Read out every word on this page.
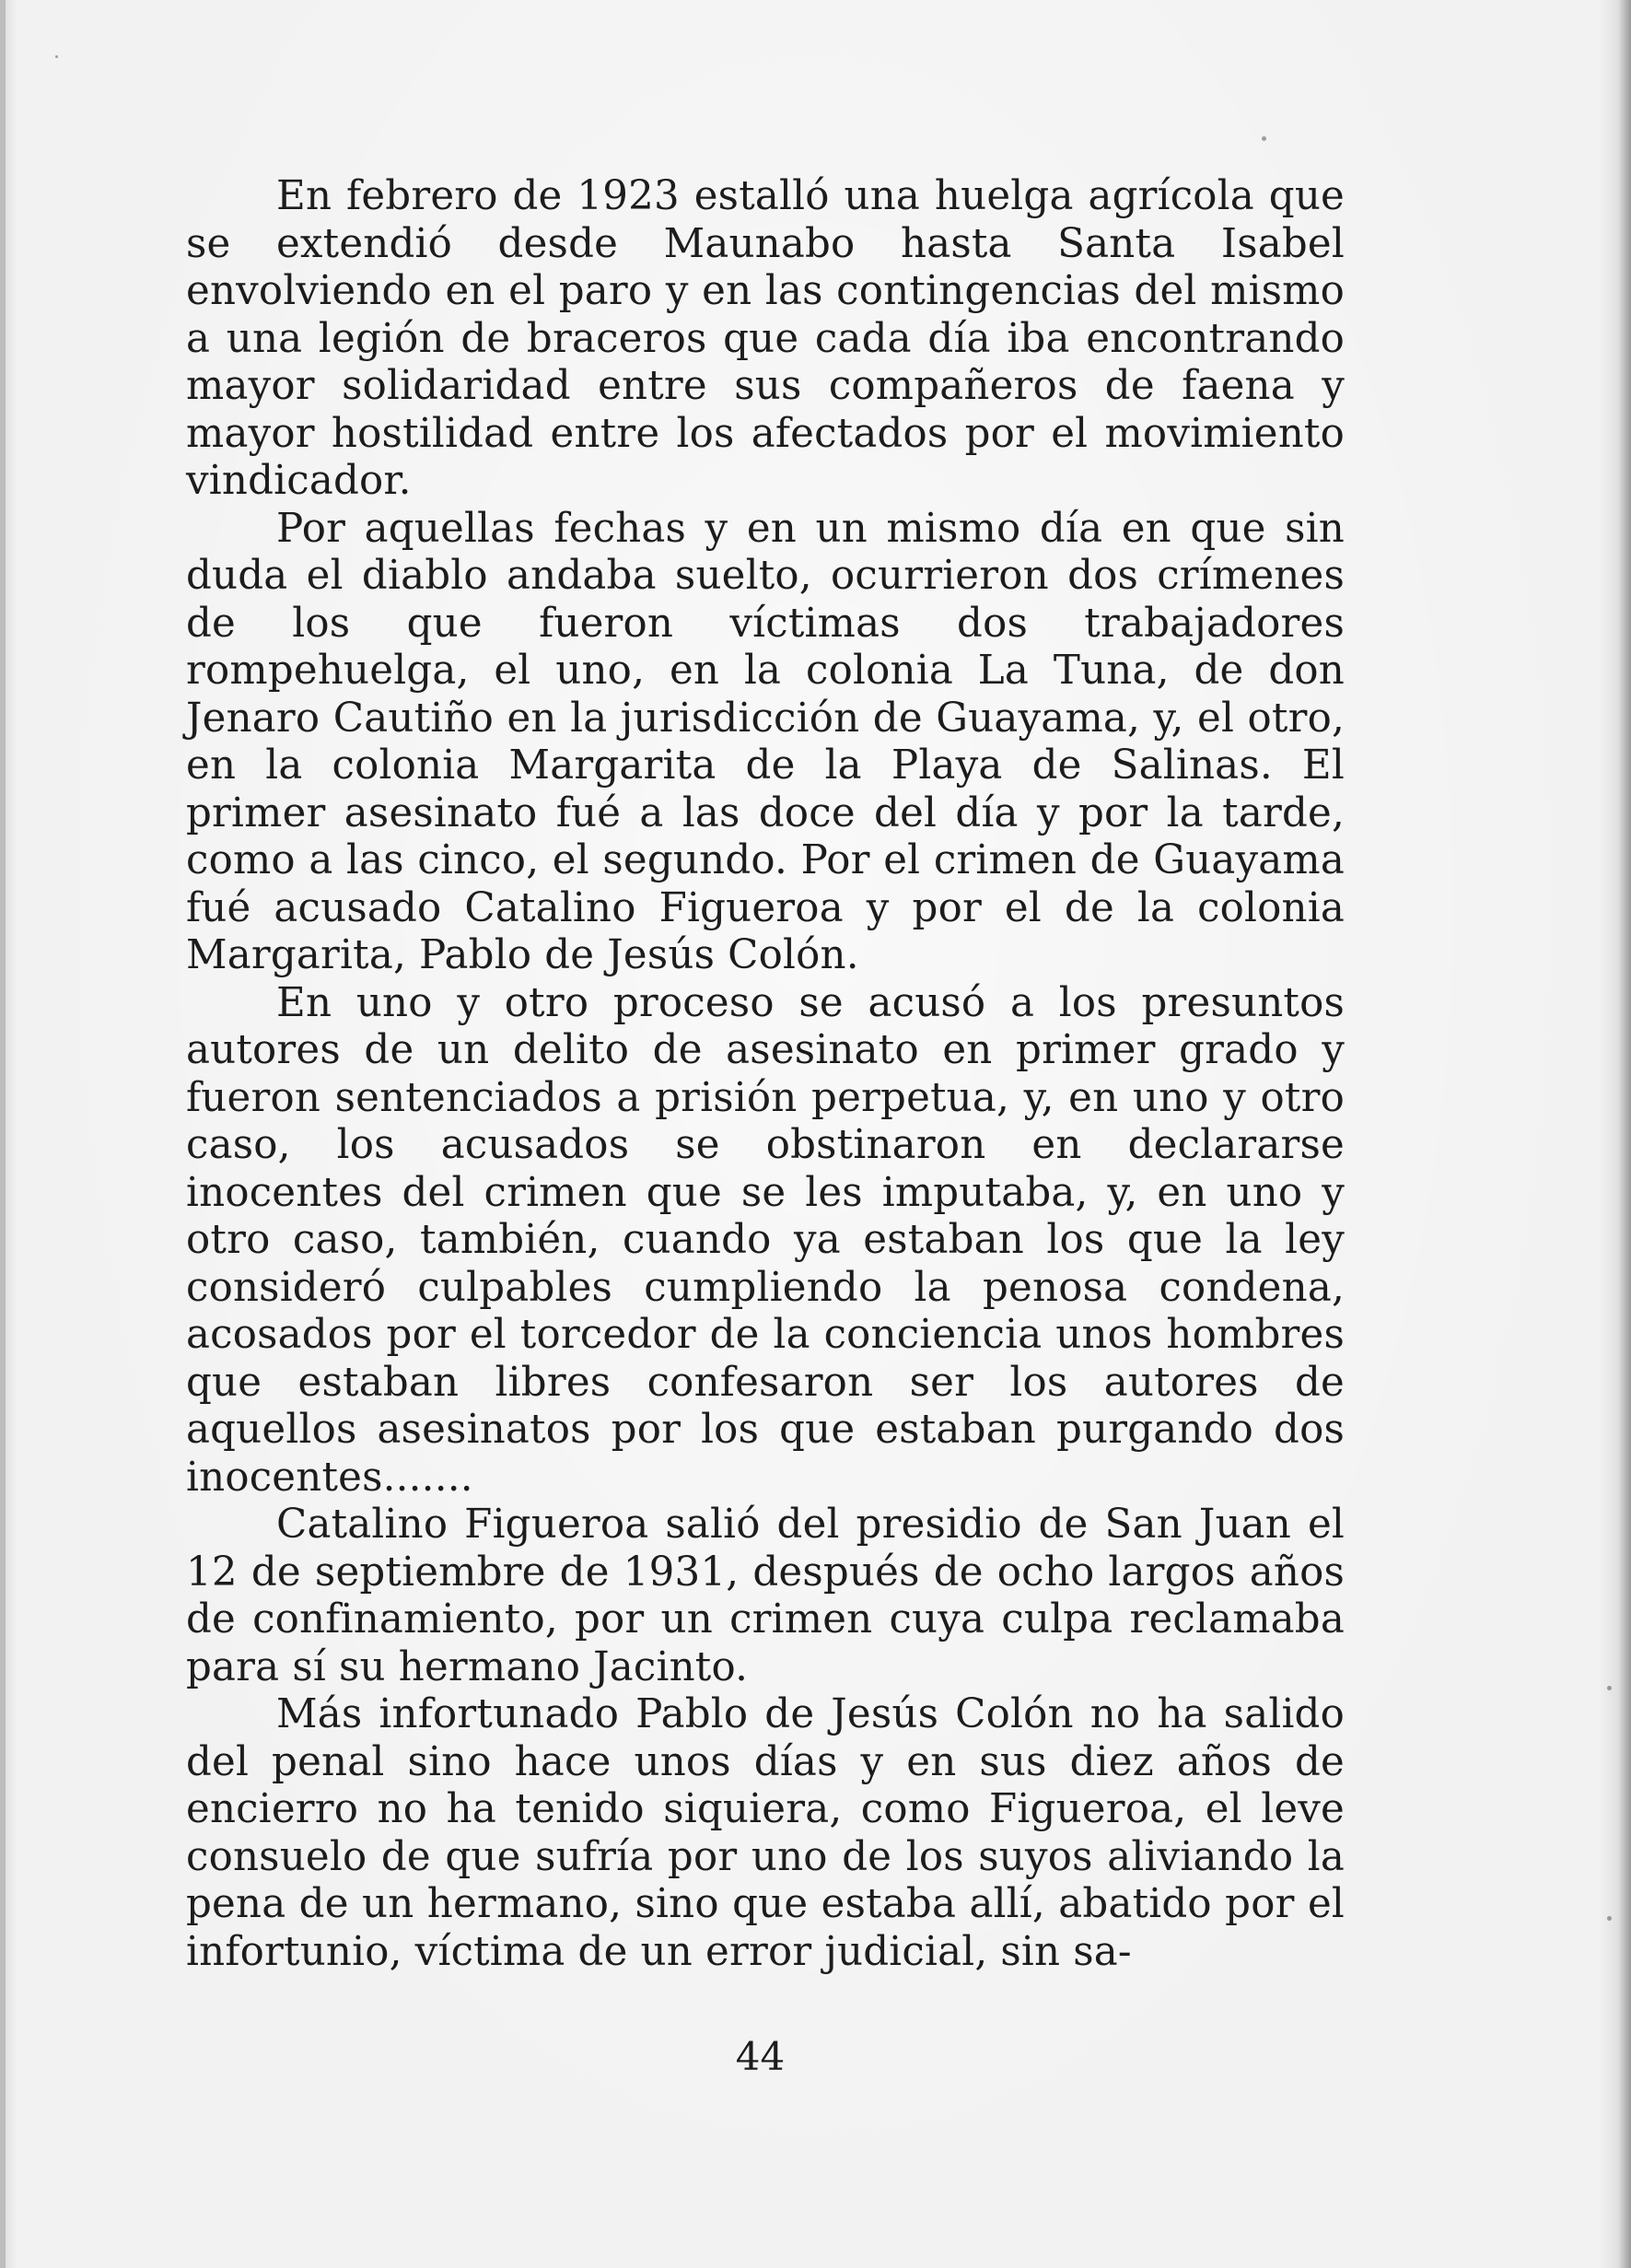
En febrero de 1923 estalló una huelga agrícola que se extendió desde Maunabo hasta Santa Isabel envolviendo en el paro y en las contingencias del mismo a una legión de braceros que cada día iba encontrando mayor solidaridad entre sus compañeros de faena y mayor hostilidad entre los afectados por el movimiento vindicador.

Por aquellas fechas y en un mismo día en que sin duda el diablo andaba suelto, ocurrieron dos crímenes de los que fueron víctimas dos trabajadores rompehuelga, el uno, en la colonia La Tuna, de don Jenaro Cautiño en la jurisdicción de Guayama, y, el otro, en la colonia Margarita de la Playa de Salinas. El primer asesinato fué a las doce del día y por la tarde, como a las cinco, el segundo. Por el crimen de Guayama fué acusado Catalino Figueroa y por el de la colonia Margarita, Pablo de Jesús Colón.

En uno y otro proceso se acusó a los presuntos autores de un delito de asesinato en primer grado y fueron sentenciados a prisión perpetua, y, en uno y otro caso, los acusados se obstinaron en declararse inocentes del crimen que se les imputaba, y, en uno y otro caso, también, cuando ya estaban los que la ley consideró culpables cumpliendo la penosa condena, acosados por el torcedor de la conciencia unos hombres que estaban libres confesaron ser los autores de aquellos asesinatos por los que estaban purgando dos inocentes.......

Catalino Figueroa salió del presidio de San Juan el 12 de septiembre de 1931, después de ocho largos años de confinamiento, por un crimen cuya culpa reclamaba para sí su hermano Jacinto.

Más infortunado Pablo de Jesús Colón no ha salido del penal sino hace unos días y en sus diez años de encierro no ha tenido siquiera, como Figueroa, el leve consuelo de que sufría por uno de los suyos aliviando la pena de un hermano, sino que estaba allí, abatido por el infortunio, víctima de un error judicial, sin sa-

44
